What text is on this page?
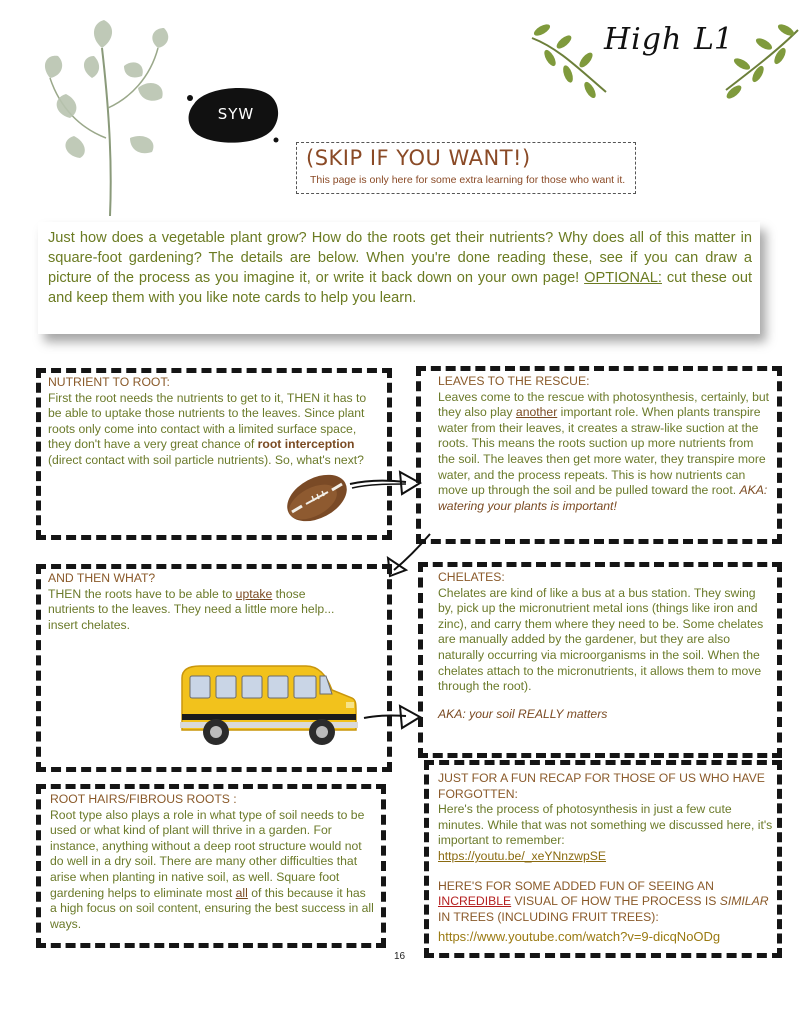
SYW
(SKIP IF YOU WANT!)
This page is only here for some extra learning for those who want it.
High L1
Just how does a vegetable plant grow? How do the roots get their nutrients? Why does all of this matter in square-foot gardening? The details are below. When you're done reading these, see if you can draw a picture of the process as you imagine it, or write it back down on your own page! OPTIONAL: cut these out and keep them with you like note cards to help you learn.
NUTRIENT TO ROOT:
First the root needs the nutrients to get to it, THEN it has to be able to uptake those nutrients to the leaves. Since plant roots only come into contact with a limited surface space, they don't have a very great chance of root interception (direct contact with soil particle nutrients). So, what's next?
LEAVES TO THE RESCUE:
Leaves come to the rescue with photosynthesis, certainly, but they also play another important role. When plants transpire water from their leaves, it creates a straw-like suction at the roots. This means the roots suction up more nutrients from the soil. The leaves then get more water, they transpire more water, and the process repeats. This is how nutrients can move up through the soil and be pulled toward the root. AKA: watering your plants is important!
AND THEN WHAT?
THEN the roots have to be able to uptake those nutrients to the leaves. They need a little more help... insert chelates.
CHELATES:
Chelates are kind of like a bus at a bus station. They swing by, pick up the micronutrient metal ions (things like iron and zinc), and carry them where they need to be. Some chelates are manually added by the gardener, but they are also naturally occurring via microorganisms in the soil. When the chelates attach to the micronutrients, it allows them to move through the root).
AKA: your soil REALLY matters
ROOT HAIRS/FIBROUS ROOTS :
Root type also plays a role in what type of soil needs to be used or what kind of plant will thrive in a garden. For instance, anything without a deep root structure would not do well in a dry soil. There are many other difficulties that arise when planting in native soil, as well. Square foot gardening helps to eliminate most all of this because it has a high focus on soil content, ensuring the best success in all ways.
JUST FOR A FUN RECAP FOR THOSE OF US WHO HAVE FORGOTTEN:
Here's the process of photosynthesis in just a few cute minutes. While that was not something we discussed here, it's important to remember:
https://youtu.be/_xeYNnzwpSE
HERE'S FOR SOME ADDED FUN OF SEEING AN INCREDIBLE VISUAL OF HOW THE PROCESS IS SIMILAR IN TREES (INCLUDING FRUIT TREES):
https://www.youtube.com/watch?v=9-dicqNoODg
16
